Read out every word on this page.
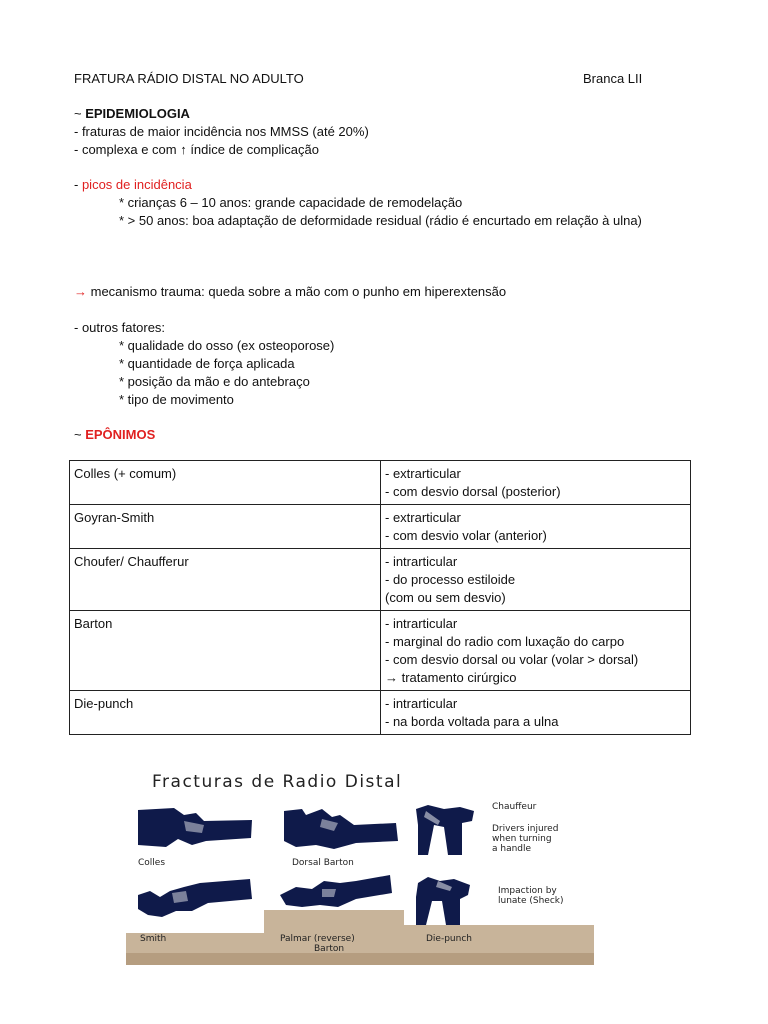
FRATURA RÁDIO DISTAL NO ADULTO	Branca LII
~ EPIDEMIOLOGIA
- fraturas de maior incidência nos MMSS (até 20%)
- complexa e com ↑ índice de complicação
- picos de incidência
* crianças 6 – 10 anos: grande capacidade de remodelação
* > 50 anos: boa adaptação de deformidade residual (rádio é encurtado em relação à ulna)
→ mecanismo trauma: queda sobre a mão com o punho em hiperextensão
- outros fatores:
* qualidade do osso (ex osteoporose)
* quantidade de força aplicada
* posição da mão e do antebraço
* tipo de movimento
~ EPÔNIMOS
Colles (+ comum)	- extrarticular
- com desvio dorsal (posterior)

Goyran-Smith	- extrarticular
- com desvio volar (anterior)

Choufer/ Chaufferur	- intrarticular
- do processo estiloide
(com ou sem desvio)

Barton	- intrarticular
- marginal do radio com luxação do carpo
- com desvio dorsal ou volar (volar > dorsal)
→ tratamento cirúrgico

Die-punch	- intrarticular
- na borda voltada para a ulna
Fracturas de Radio Distal
Colles	Dorsal Barton
Chauffeur
Drivers injured
when turning
a handle
Smith	Palmar (reverse)
Barton
Die-punch
Impaction by
lunate (Sheck)
